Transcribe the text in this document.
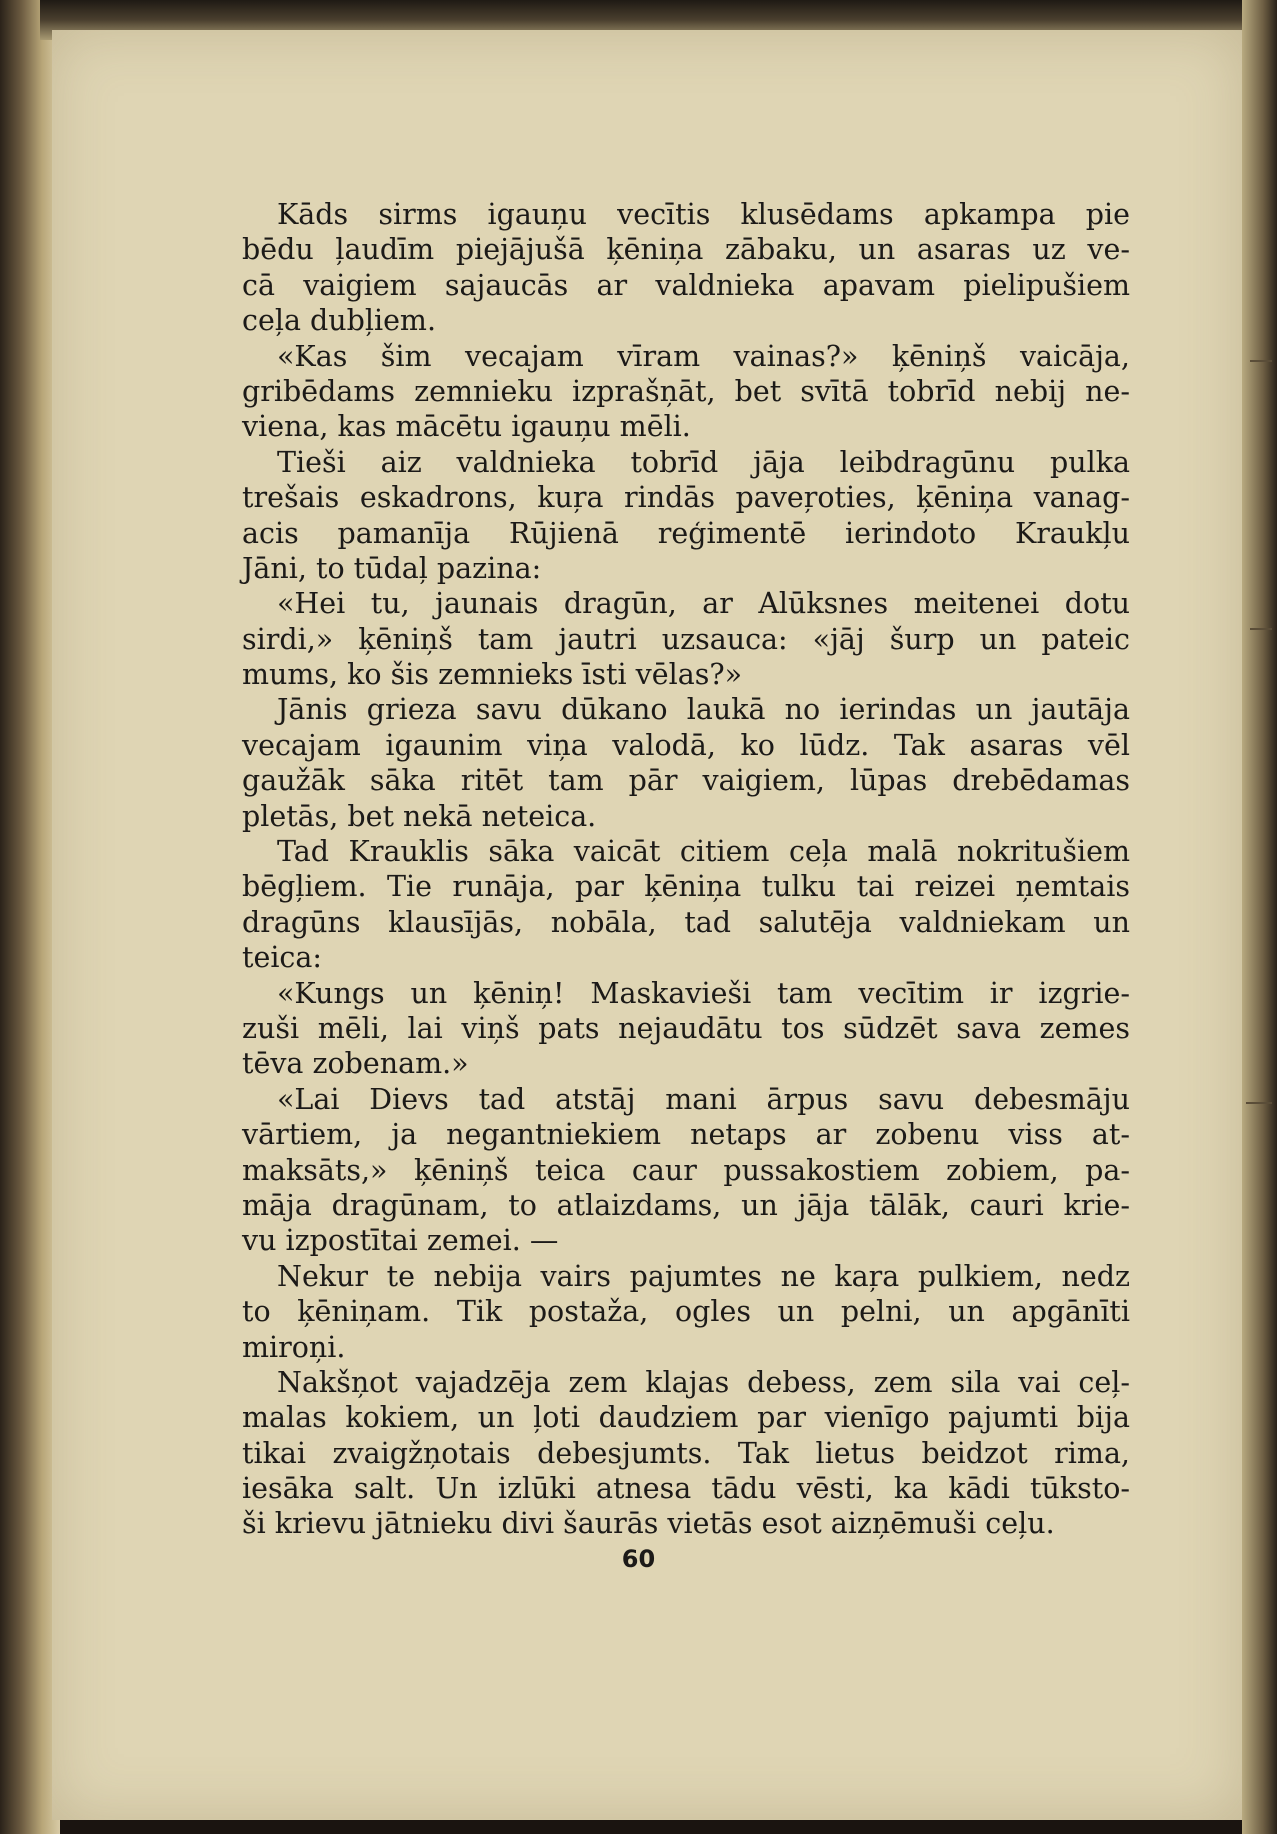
Kāds sirms igauņu vecītis klusēdams apkampa pie
bēdu ļaudīm piejājušā ķēniņa zābaku, un asaras uz ve-
cā vaigiem sajaucās ar valdnieka apavam pielipušiem
ceļa dubļiem.
«Kas šim vecajam vīram vainas?» ķēniņš vaicāja,
gribēdams zemnieku izprašņāt, bet svītā tobrīd nebij ne-
viena, kas mācētu igauņu mēli.
Tieši aiz valdnieka tobrīd jāja leibdragūnu pulka
trešais eskadrons, kuŗa rindās paveŗoties, ķēniņa vanag-
acis pamanīja Rūjienā reģimentē ierindoto Kraukļu
Jāni, to tūdaļ pazina:
«Hei tu, jaunais dragūn, ar Alūksnes meitenei dotu
sirdi,» ķēniņš tam jautri uzsauca: «jāj šurp un pateic
mums, ko šis zemnieks īsti vēlas?»
Jānis grieza savu dūkano laukā no ierindas un jautāja
vecajam igaunim viņa valodā, ko lūdz. Tak asaras vēl
gaužāk sāka ritēt tam pār vaigiem, lūpas drebēdamas
pletās, bet nekā neteica.
Tad Krauklis sāka vaicāt citiem ceļa malā nokritušiem
bēgļiem. Tie runāja, par ķēniņa tulku tai reizei ņemtais
dragūns klausījās, nobāla, tad salutēja valdniekam un
teica:
«Kungs un ķēniņ! Maskavieši tam vecītim ir izgrie-
zuši mēli, lai viņš pats nejaudātu tos sūdzēt sava zemes
tēva zobenam.»
«Lai Dievs tad atstāj mani ārpus savu debesmāju
vārtiem, ja negantniekiem netaps ar zobenu viss at-
maksāts,» ķēniņš teica caur pussakostiem zobiem, pa-
māja dragūnam, to atlaizdams, un jāja tālāk, cauri krie-
vu izpostītai zemei. —
Nekur te nebija vairs pajumtes ne kaŗa pulkiem, nedz
to ķēniņam. Tik postaža, ogles un pelni, un apgānīti
miroņi.
Nakšņot vajadzēja zem klajas debess, zem sila vai ceļ-
malas kokiem, un ļoti daudziem par vienīgo pajumti bija
tikai zvaigžņotais debesjumts. Tak lietus beidzot rima,
iesāka salt. Un izlūki atnesa tādu vēsti, ka kādi tūksto-
ši krievu jātnieku divi šaurās vietās esot aizņēmuši ceļu.
60
